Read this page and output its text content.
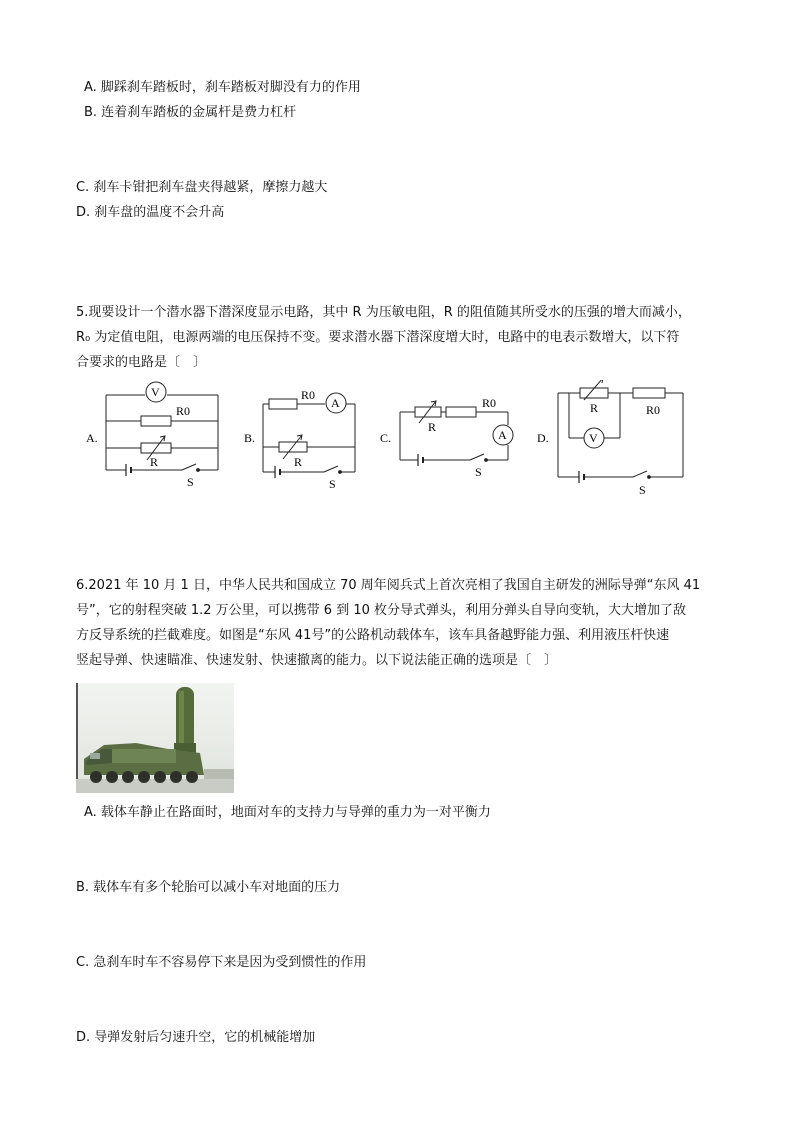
A. 脚踩刹车踏板时，刹车踏板对脚没有力的作用
B. 连着刹车踏板的金属杆是费力杠杆
C. 刹车卡钳把刹车盘夹得越紧，摩擦力越大
D. 刹车盘的温度不会升高
5.现要设计一个潜水器下潜深度显示电路，其中 R 为压敏电阻，R 的阻值随其所受水的压强的增大而减小，
R₀ 为定值电阻，电源两端的电压保持不变。要求潜水器下潜深度增大时，电路中的电表示数增大，以下符
合要求的电路是〔　〕
A.
V
R0
R
S
B.
A
R0
R
S
C.	A
R0
R
S
D.	V
R0
R
S
6.2021 年 10 月 1 日，中华人民共和国成立 70 周年阅兵式上首次亮相了我国自主研发的洲际导弹“东风 41
号”，它的射程突破 1.2 万公里，可以携带 6 到 10 枚分导式弹头，利用分弹头自导向变轨，大大增加了敌
方反导系统的拦截难度。如图是“东风 41号”的公路机动载体车，该车具备越野能力强、利用液压杆快速
竖起导弹、快速瞄准、快速发射、快速撤离的能力。以下说法能正确的选项是〔　〕
A. 载体车静止在路面时，地面对车的支持力与导弹的重力为一对平衡力
B. 载体车有多个轮胎可以减小车对地面的压力
C. 急刹车时车不容易停下来是因为受到惯性的作用
D. 导弹发射后匀速升空，它的机械能增加
